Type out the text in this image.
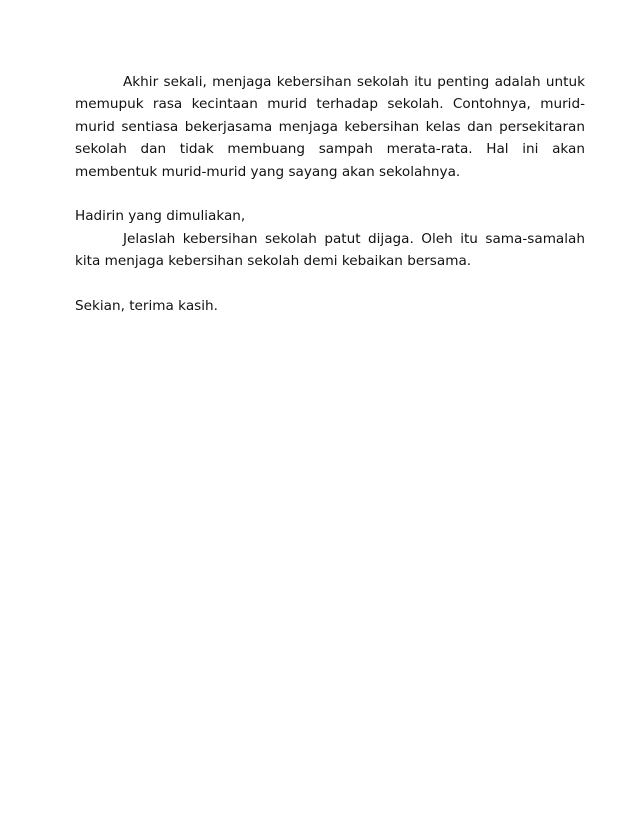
Akhir sekali, menjaga kebersihan sekolah itu penting adalah untuk memupuk rasa kecintaan murid terhadap sekolah. Contohnya, murid-murid sentiasa bekerjasama menjaga kebersihan kelas dan persekitaran sekolah dan tidak membuang sampah merata-rata. Hal ini akan membentuk murid-murid yang sayang akan sekolahnya.

Hadirin yang dimuliakan,

Jelaslah kebersihan sekolah patut dijaga. Oleh itu sama-samalah kita menjaga kebersihan sekolah demi kebaikan bersama.

Sekian, terima kasih.
